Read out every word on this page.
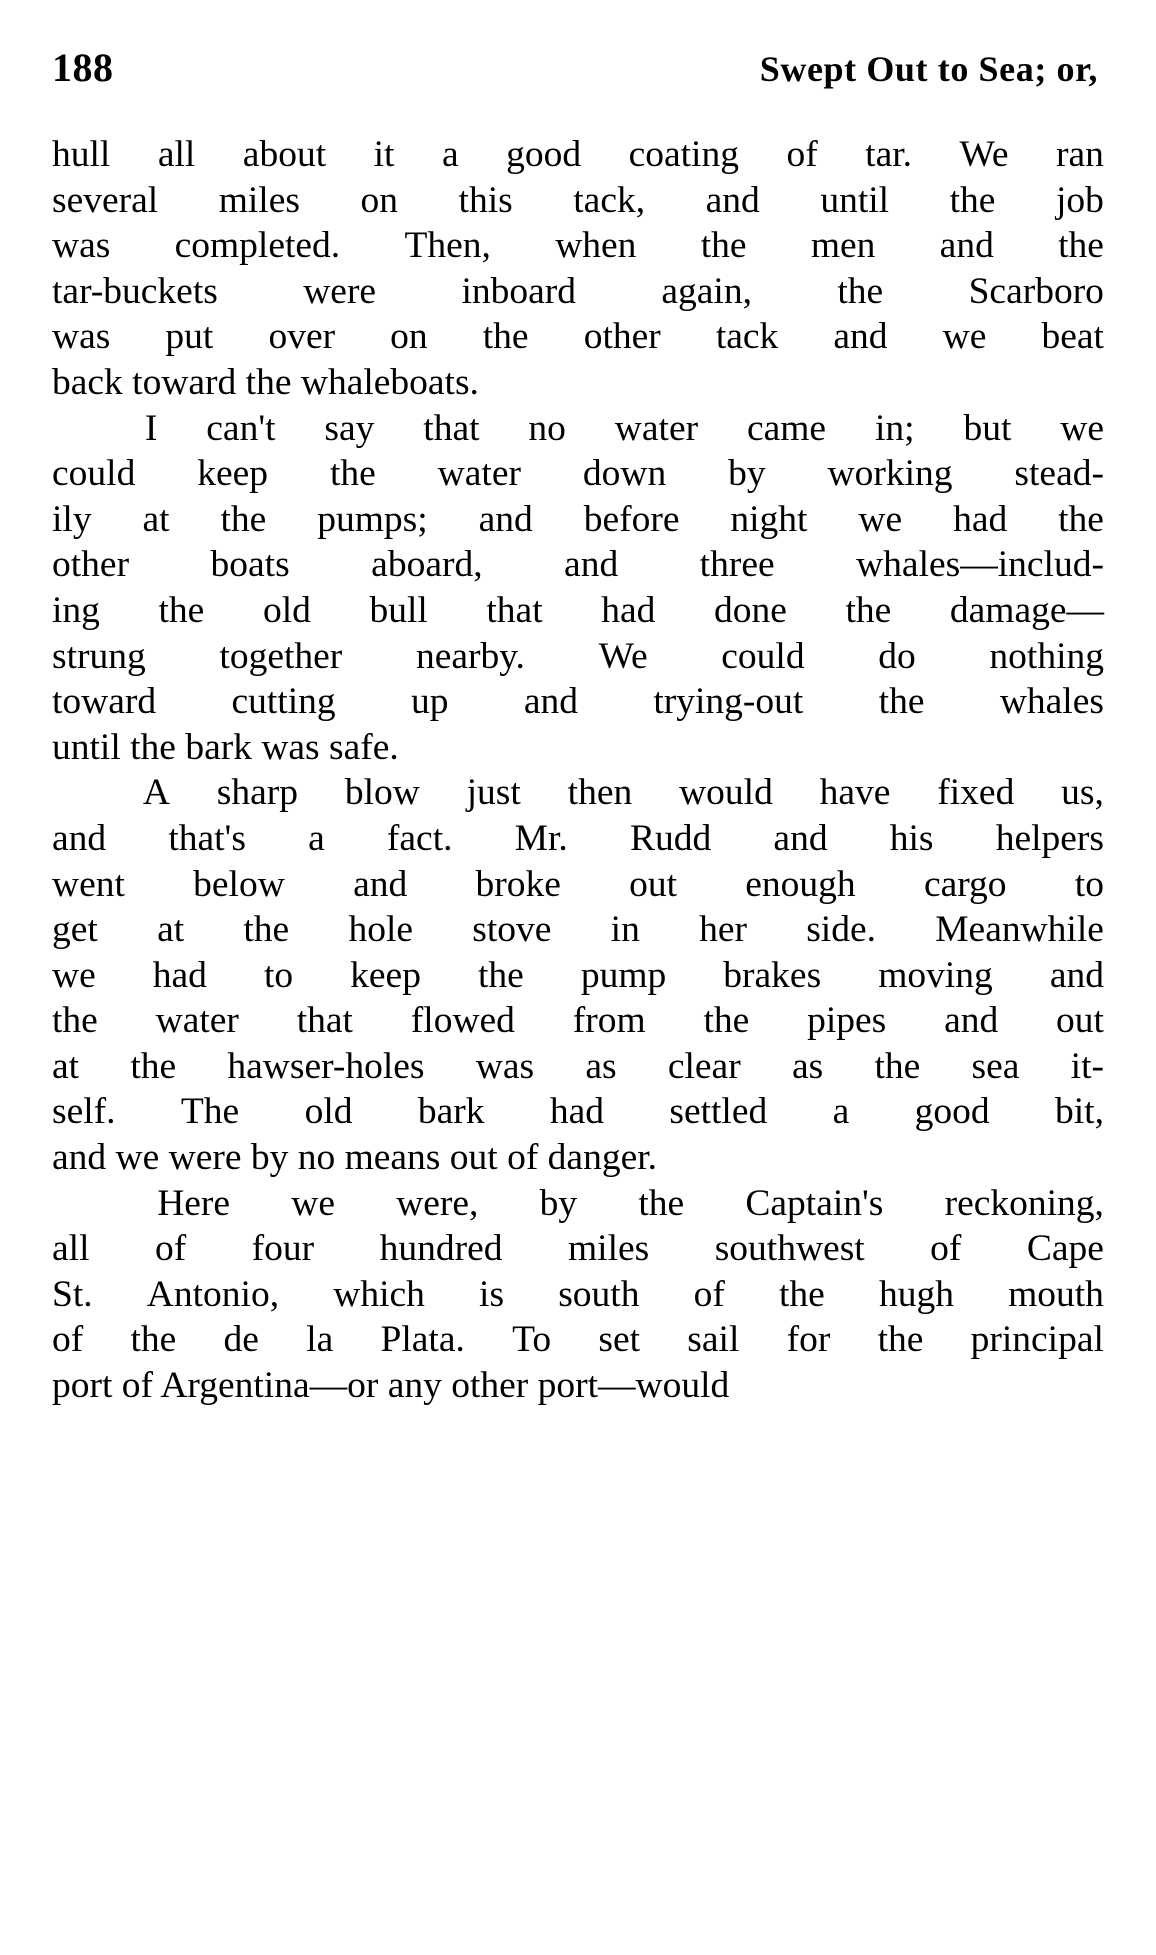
188	Swept Out to Sea; or,

hull all about it a good coating of tar. We ran
several miles on this tack, and until the job
was completed. Then, when the men and the
tar-buckets were inboard again, the Scarboro
was put over on the other tack and we beat
back toward the whaleboats.

I can't say that no water came in; but we
could keep the water down by working stead-
ily at the pumps; and before night we had the
other boats aboard, and three whales—includ-
ing the old bull that had done the damage—
strung together nearby. We could do nothing
toward cutting up and trying-out the whales
until the bark was safe.

A sharp blow just then would have fixed us,
and that's a fact. Mr. Rudd and his helpers
went below and broke out enough cargo to
get at the hole stove in her side. Meanwhile
we had to keep the pump brakes moving and
the water that flowed from the pipes and out
at the hawser-holes was as clear as the sea it-
self. The old bark had settled a good bit,
and we were by no means out of danger.

Here we were, by the Captain's reckoning,
all of four hundred miles southwest of Cape
St. Antonio, which is south of the hugh mouth
of the de la Plata. To set sail for the principal
port of Argentina—or any other port—would
